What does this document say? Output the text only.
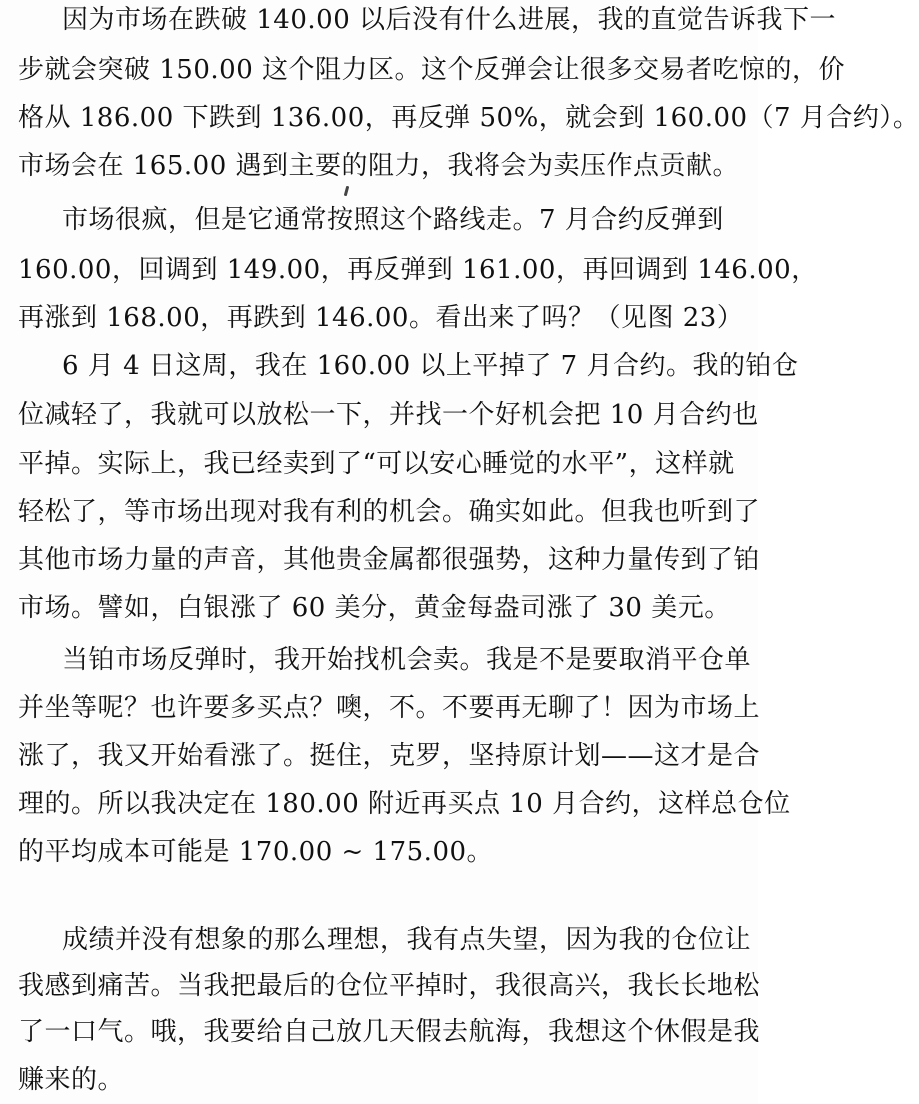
因为市场在跌破 140.00 以后没有什么进展，我的直觉告诉我下一
步就会突破 150.00 这个阻力区。这个反弹会让很多交易者吃惊的，价
格从 186.00 下跌到 136.00，再反弹 50%，就会到 160.00（7 月合约）。
市场会在 165.00 遇到主要的阻力，我将会为卖压作点贡献。
市场很疯，但是它通常按照这个路线走。7 月合约反弹到
160.00，回调到 149.00，再反弹到 161.00，再回调到 146.00，
再涨到 168.00，再跌到 146.00。看出来了吗？（见图 23）
6 月 4 日这周，我在 160.00 以上平掉了 7 月合约。我的铂仓
位减轻了，我就可以放松一下，并找一个好机会把 10 月合约也
平掉。实际上，我已经卖到了“可以安心睡觉的水平”，这样就
轻松了，等市场出现对我有利的机会。确实如此。但我也听到了
其他市场力量的声音，其他贵金属都很强势，这种力量传到了铂
市场。譬如，白银涨了 60 美分，黄金每盎司涨了 30 美元。
当铂市场反弹时，我开始找机会卖。我是不是要取消平仓单
并坐等呢？也许要多买点？噢，不。不要再无聊了！因为市场上
涨了，我又开始看涨了。挺住，克罗，坚持原计划——这才是合
理的。所以我决定在 180.00 附近再买点 10 月合约，这样总仓位
的平均成本可能是 170.00 ~ 175.00。
成绩并没有想象的那么理想，我有点失望，因为我的仓位让
我感到痛苦。当我把最后的仓位平掉时，我很高兴，我长长地松
了一口气。哦，我要给自己放几天假去航海，我想这个休假是我
赚来的。
